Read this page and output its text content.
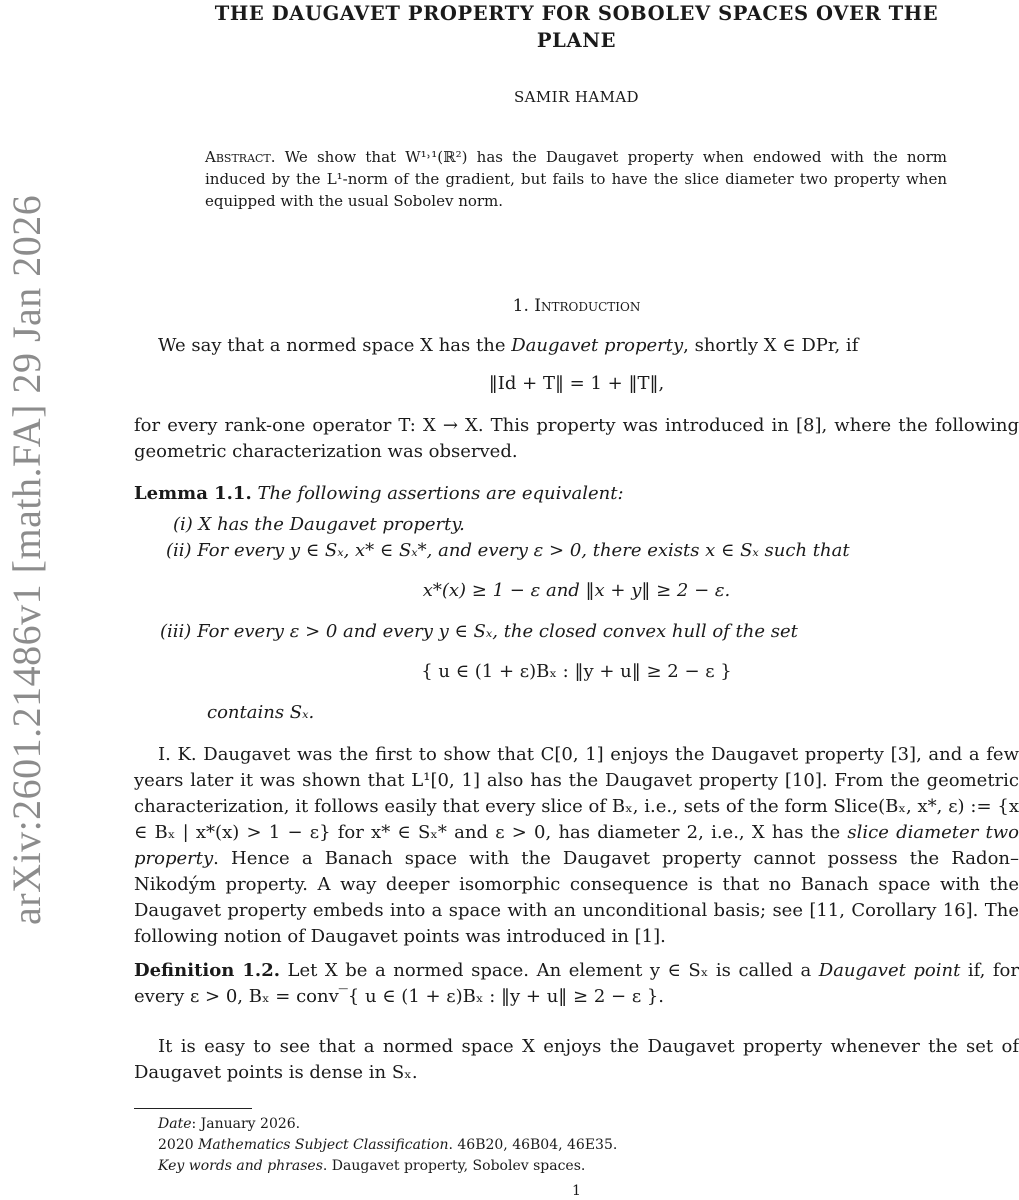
arXiv:2601.21486v1 [math.FA] 29 Jan 2026
THE DAUGAVET PROPERTY FOR SOBOLEV SPACES OVER THE
PLANE
SAMIR HAMAD
Abstract. We show that W¹˒¹(ℝ²) has the Daugavet property when endowed with the norm induced by the L¹-norm of the gradient, but fails to have the slice diameter two property when equipped with the usual Sobolev norm.
1. Introduction
We say that a normed space X has the Daugavet property, shortly X ∈ DPr, if
‖Id + T‖ = 1 + ‖T‖,
for every rank-one operator T: X → X. This property was introduced in [8], where the following geometric characterization was observed.
Lemma 1.1. The following assertions are equivalent:
(i) X has the Daugavet property.
(ii) For every y ∈ Sₓ, x* ∈ Sₓ*, and every ε > 0, there exists x ∈ Sₓ such that
x*(x) ≥ 1 − ε and ‖x + y‖ ≥ 2 − ε.
(iii) For every ε > 0 and every y ∈ Sₓ, the closed convex hull of the set
{ u ∈ (1 + ε)Bₓ : ‖y + u‖ ≥ 2 − ε }
contains Sₓ.
I. K. Daugavet was the first to show that C[0, 1] enjoys the Daugavet property [3], and a few years later it was shown that L¹[0, 1] also has the Daugavet property [10]. From the geometric characterization, it follows easily that every slice of Bₓ, i.e., sets of the form Slice(Bₓ, x*, ε) := {x ∈ Bₓ | x*(x) > 1 − ε} for x* ∈ Sₓ* and ε > 0, has diameter 2, i.e., X has the slice diameter two property. Hence a Banach space with the Daugavet property cannot possess the Radon–Nikodým property. A way deeper isomorphic consequence is that no Banach space with the Daugavet property embeds into a space with an unconditional basis; see [11, Corollary 16]. The following notion of Daugavet points was introduced in [1].
Definition 1.2. Let X be a normed space. An element y ∈ Sₓ is called a Daugavet point if, for every ε > 0, Bₓ = conv‾{ u ∈ (1 + ε)Bₓ : ‖y + u‖ ≥ 2 − ε }.
It is easy to see that a normed space X enjoys the Daugavet property whenever the set of Daugavet points is dense in Sₓ.
Date: January 2026.
2020 Mathematics Subject Classification. 46B20, 46B04, 46E35.
Key words and phrases. Daugavet property, Sobolev spaces.
1
